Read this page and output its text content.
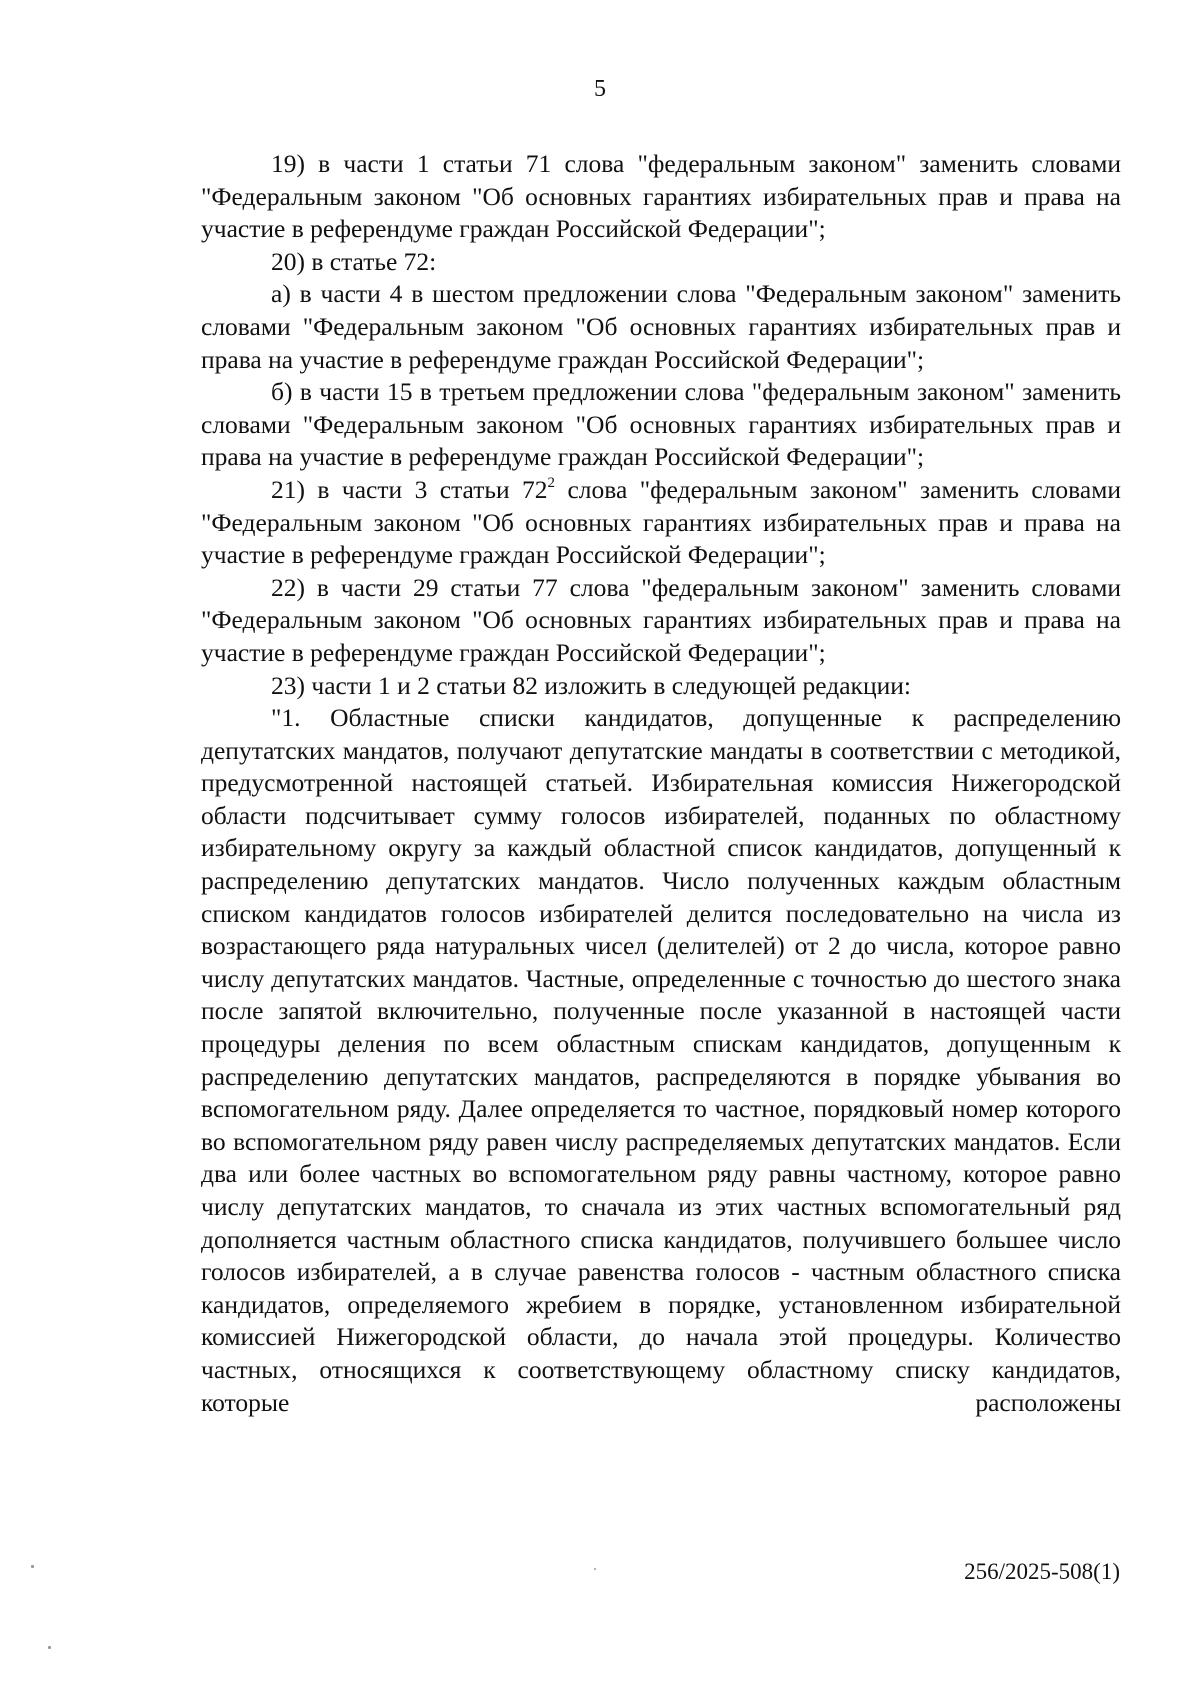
5

19) в части 1 статьи 71 слова "федеральным законом" заменить словами "Федеральным законом "Об основных гарантиях избирательных прав и права на участие в референдуме граждан Российской Федерации";

20) в статье 72:

а) в части 4 в шестом предложении слова "Федеральным законом" заменить словами "Федеральным законом "Об основных гарантиях избирательных прав и права на участие в референдуме граждан Российской Федерации";

б) в части 15 в третьем предложении слова "федеральным законом" заменить словами "Федеральным законом "Об основных гарантиях избирательных прав и права на участие в референдуме граждан Российской Федерации";

21) в части 3 статьи $72^2$ слова "федеральным законом" заменить словами "Федеральным законом "Об основных гарантиях избирательных прав и права на участие в референдуме граждан Российской Федерации";

22) в части 29 статьи 77 слова "федеральным законом" заменить словами "Федеральным законом "Об основных гарантиях избирательных прав и права на участие в референдуме граждан Российской Федерации";

23) части 1 и 2 статьи 82 изложить в следующей редакции:

"1. Областные списки кандидатов, допущенные к распределению депутатских мандатов, получают депутатские мандаты в соответствии с методикой, предусмотренной настоящей статьей. Избирательная комиссия Нижегородской области подсчитывает сумму голосов избирателей, поданных по областному избирательному округу за каждый областной список кандидатов, допущенный к распределению депутатских мандатов. Число полученных каждым областным списком кандидатов голосов избирателей делится последовательно на числа из возрастающего ряда натуральных чисел (делителей) от 2 до числа, которое равно числу депутатских мандатов. Частные, определенные с точностью до шестого знака после запятой включительно, полученные после указанной в настоящей части процедуры деления по всем областным спискам кандидатов, допущенным к распределению депутатских мандатов, распределяются в порядке убывания во вспомогательном ряду. Далее определяется то частное, порядковый номер которого во вспомогательном ряду равен числу распределяемых депутатских мандатов. Если два или более частных во вспомогательном ряду равны частному, которое равно числу депутатских мандатов, то сначала из этих частных вспомогательный ряд дополняется частным областного списка кандидатов, получившего большее число голосов избирателей, а в случае равенства голосов - частным областного списка кандидатов, определяемого жребием в порядке, установленном избирательной комиссией Нижегородской области, до начала этой процедуры. Количество частных, относящихся к соответствующему областному списку кандидатов, которые расположены

256/2025-508(1)
